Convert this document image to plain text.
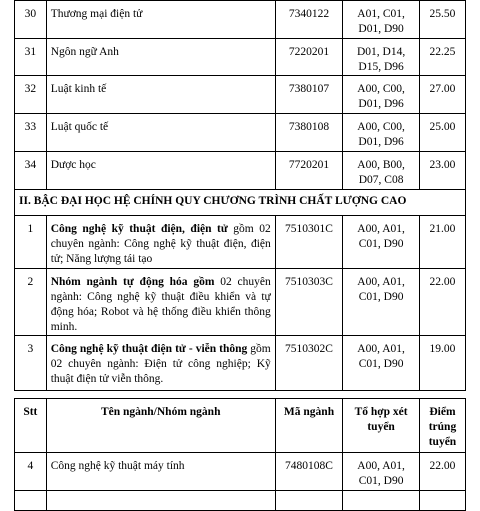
30	Thương mại điện tử	7340122	A01, C01, D01, D90	25.50
31	Ngôn ngữ Anh	7220201	D01, D14, D15, D96	22.25
32	Luật kinh tế	7380107	A00, C00, D01, D96	27.00
33	Luật quốc tế	7380108	A00, C00, D01, D96	25.00
34	Dược học	7720201	A00, B00, D07, C08	23.00
II. BẬC ĐẠI HỌC HỆ CHÍNH QUY CHƯƠNG TRÌNH CHẤT LƯỢNG CAO				
1	Công nghệ kỹ thuật điện, điện tử gồm 02 chuyên ngành: Công nghệ kỹ thuật điện, điện tử; Năng lượng tái tạo	7510301C	A00, A01, C01, D90	21.00
2	Nhóm ngành tự động hóa gồm 02 chuyên ngành: Công nghệ kỹ thuật điều khiển và tự động hóa; Robot và hệ thống điều khiển thông minh.	7510303C	A00, A01, C01, D90	22.00
3	Công nghệ kỹ thuật điện tử - viễn thông gồm 02 chuyên ngành: Điện tử công nghiệp; Kỹ thuật điện tử viễn thông.	7510302C	A00, A01, C01, D90	19.00
Stt	Tên ngành/Nhóm ngành	Mã ngành	Tổ hợp xét tuyển	Điểm trúng tuyển
4	Công nghệ kỹ thuật máy tính	7480108C	A00, A01, C01, D90	22.00
